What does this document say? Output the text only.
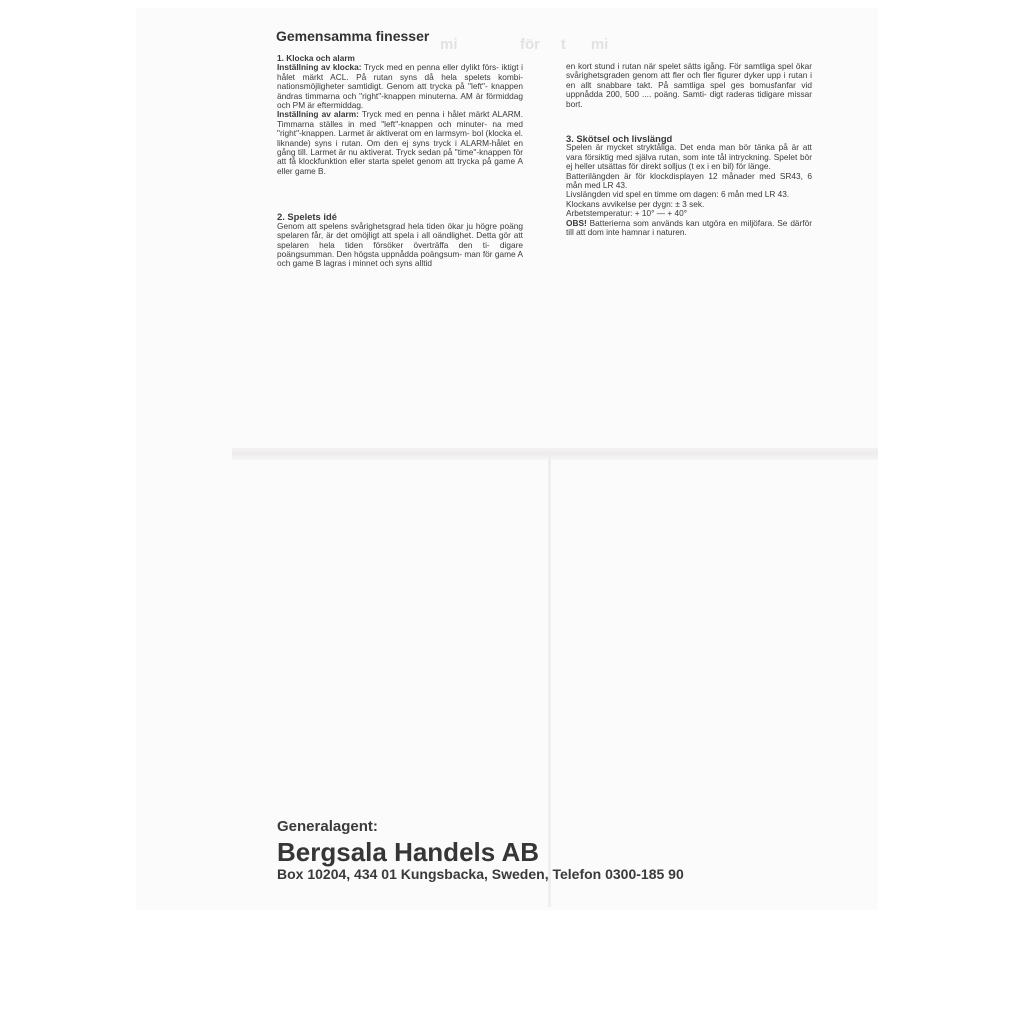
mi               för     t      mi
Gemensamma finesser

1. Klocka och alarm

Inställning av klocka: Tryck med en penna eller dylikt förs- iktigt i hålet märkt ACL. På rutan syns då hela spelets kombi- nationsmöjligheter samtidigt. Genom att trycka på "left"- knappen ändras timmarna och "right"-knappen minuterna. AM är förmiddag och PM är eftermiddag.

Inställning av alarm: Tryck med en penna i hålet märkt ALARM. Timmarna ställes in med "left"-knappen och minuter- na med "right"-knappen. Larmet är aktiverat om en larmsym- bol (klocka el. liknande) syns i rutan. Om den ej syns tryck i ALARM-hålet en gång till. Larmet är nu aktiverat. Tryck sedan på "time"-knappen för att få klockfunktion eller starta spelet genom att trycka på game A eller game B.

2. Spelets idé

Genom att spelens svårighetsgrad hela tiden ökar ju högre poäng spelaren får, är det omöjligt att spela i all oändlighet. Detta gör att spelaren hela tiden försöker överträffa den ti- digare poängsumman. Den högsta uppnådda poängsum- man för game A och game B lagras i minnet och syns alltid

en kort stund i rutan när spelet sätts igång. För samtliga spel ökar svårighetsgraden genom att fler och fler figurer dyker upp i rutan i en allt snabbare takt. På samtliga spel ges bomusfanfar vid uppnådda 200, 500 .... poäng. Samti- digt raderas tidigare missar bort.

3. Skötsel och livslängd

Spelen är mycket stryktåliga. Det enda man bör tänka på är att vara försiktig med själva rutan, som inte tål intryckning. Spelet bör ej heller utsättas för direkt solljus (t ex i en bil) för länge.

Batterilängden är för klockdisplayen 12 månader med SR43, 6 mån med LR 43.

Livslängden vid spel en timme om dagen: 6 mån med LR 43.

Klockans avvikelse per dygn: ± 3 sek.

Arbetstemperatur: + 10° — + 40°

OBS! Batterierna som används kan utgöra en miljöfara. Se därför till att dom inte hamnar i naturen.

Generalagent:
Bergsala Handels AB
Box 10204, 434 01 Kungsbacka, Sweden, Telefon 0300-185 90
